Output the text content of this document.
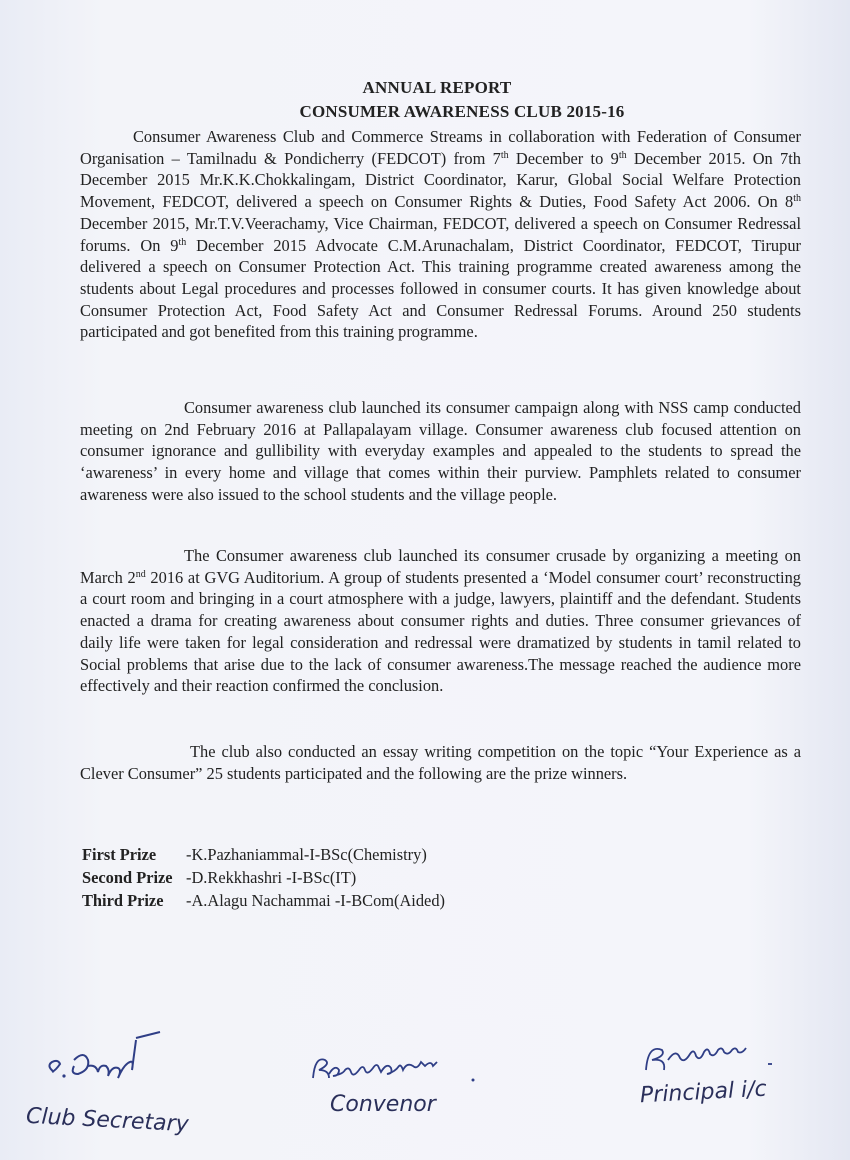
ANNUAL REPORT
CONSUMER AWARENESS CLUB 2015-16
Consumer Awareness Club and Commerce Streams in collaboration with Federation of Consumer Organisation – Tamilnadu & Pondicherry (FEDCOT) from 7th December to 9th December 2015. On 7th December 2015 Mr.K.K.Chokkalingam, District Coordinator, Karur, Global Social Welfare Protection Movement, FEDCOT, delivered a speech on Consumer Rights & Duties, Food Safety Act 2006. On 8th December 2015, Mr.T.V.Veerachamy, Vice Chairman, FEDCOT, delivered a speech on Consumer Redressal forums. On 9th December 2015 Advocate C.M.Arunachalam, District Coordinator, FEDCOT, Tirupur delivered a speech on Consumer Protection Act. This training programme created awareness among the students about Legal procedures and processes followed in consumer courts. It has given knowledge about Consumer Protection Act, Food Safety Act and Consumer Redressal Forums. Around 250 students participated and got benefited from this training programme.
Consumer awareness club launched its consumer campaign along with NSS camp conducted meeting on 2nd February 2016 at Pallapalayam village. Consumer awareness club focused attention on consumer ignorance and gullibility with everyday examples and appealed to the students to spread the ‘awareness’ in every home and village that comes within their purview. Pamphlets related to consumer awareness were also issued to the school students and the village people.
The Consumer awareness club launched its consumer crusade by organizing a meeting on March 2nd 2016 at GVG Auditorium. A group of students presented a ‘Model consumer court’ reconstructing a court room and bringing in a court atmosphere with a judge, lawyers, plaintiff and the defendant. Students enacted a drama for creating awareness about consumer rights and duties. Three consumer grievances of daily life were taken for legal consideration and redressal were dramatized by students in tamil related to Social problems that arise due to the lack of consumer awareness.The message reached the audience more effectively and their reaction confirmed the conclusion.
The club also conducted an essay writing competition on the topic “Your Experience as a Clever Consumer” 25 students participated and the following are the prize winners.
First Prize	-K.Pazhaniammal-I-BSc(Chemistry)
Second Prize -D.Rekkhashri -I-BSc(IT)
Third Prize	-A.Alagu Nachammai -I-BCom(Aided)
Club Secretary	Convenor	Principal i/c
